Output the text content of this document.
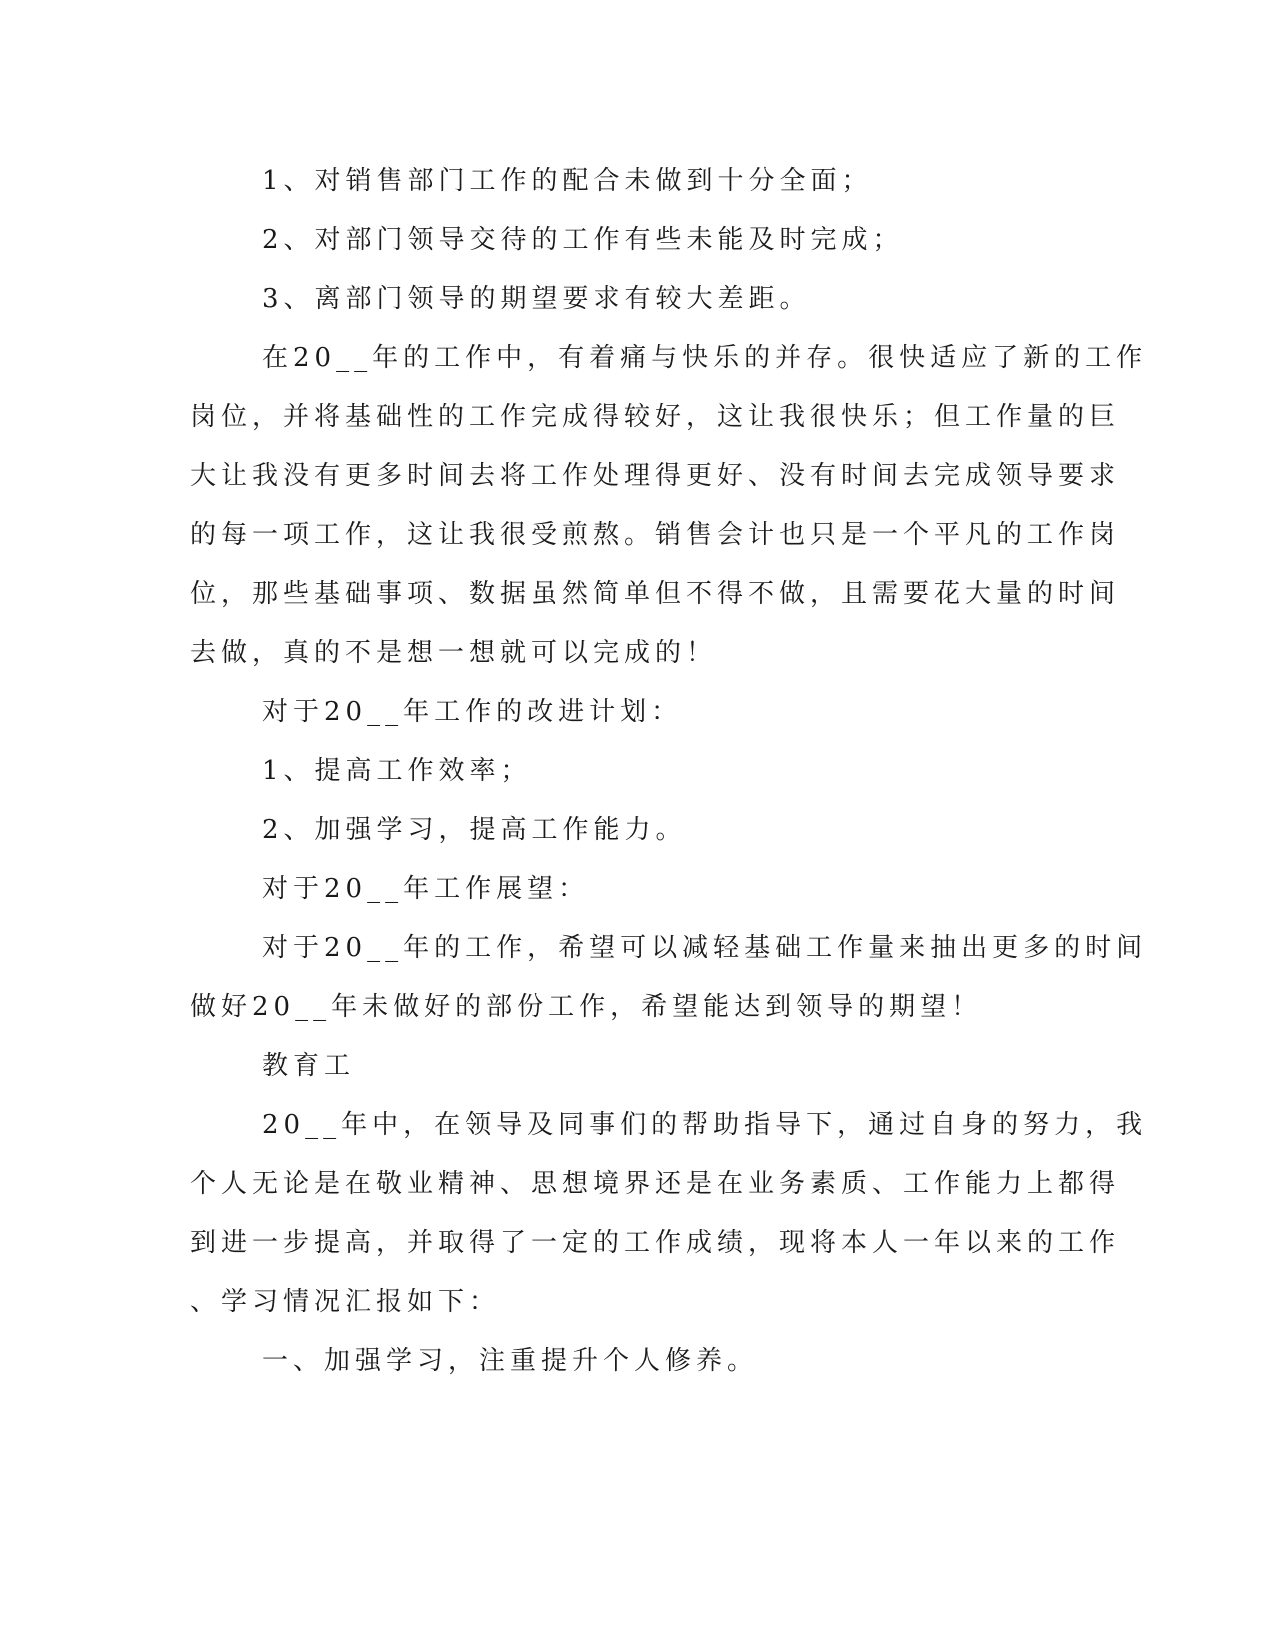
1、对销售部门工作的配合未做到十分全面；

2、对部门领导交待的工作有些未能及时完成；

3、离部门领导的期望要求有较大差距。

在20__年的工作中，有着痛与快乐的并存。很快适应了新的工作

岗位，并将基础性的工作完成得较好，这让我很快乐；但工作量的巨

大让我没有更多时间去将工作处理得更好、没有时间去完成领导要求

的每一项工作，这让我很受煎熬。销售会计也只是一个平凡的工作岗

位，那些基础事项、数据虽然简单但不得不做，且需要花大量的时间

去做，真的不是想一想就可以完成的！

对于20__年工作的改进计划：

1、提高工作效率；

2、加强学习，提高工作能力。

对于20__年工作展望：

对于20__年的工作，希望可以减轻基础工作量来抽出更多的时间

做好20__年未做好的部份工作，希望能达到领导的期望！

教育工

20__年中，在领导及同事们的帮助指导下，通过自身的努力，我

个人无论是在敬业精神、思想境界还是在业务素质、工作能力上都得

到进一步提高，并取得了一定的工作成绩，现将本人一年以来的工作

、学习情况汇报如下：

一、加强学习，注重提升个人修养。
